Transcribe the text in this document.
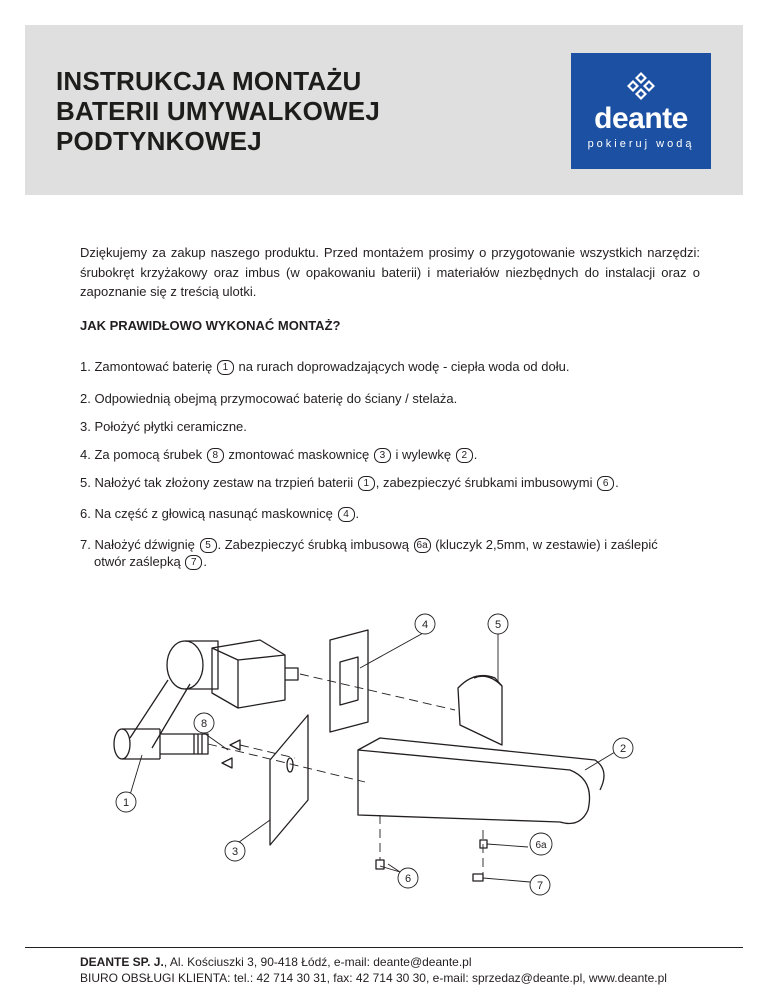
INSTRUKCJA MONTAŻU
BATERII UMYWALKOWEJ
PODTYNKOWEJ
deante
pokieruj wodą

Dziękujemy za zakup naszego produktu. Przed montażem prosimy o przygotowanie wszystkich narzędzi: śrubokręt krzyżakowy oraz imbus (w opakowaniu baterii) i materiałów niezbędnych do instalacji oraz o zapoznanie się z treścią ulotki.

JAK PRAWIDŁOWO WYKONAĆ MONTAŻ?
1. Zamontować baterię 1 na rurach doprowadzających wodę - ciepła woda od dołu.
2. Odpowiednią obejmą przymocować baterię do ściany / stelaża.
3. Położyć płytki ceramiczne.
4. Za pomocą śrubek 8 zmontować maskownicę 3 i wylewkę 2 .
5. Nałożyć tak złożony zestaw na trzpień baterii 1 , zabezpieczyć śrubkami imbusowymi 6 .
6. Na część z głowicą nasunąć maskownicę 4 .
7. Nałożyć dźwignię 5 . Zabezpieczyć śrubką imbusową 6a (kluczyk 2,5mm, w zestawie) i zaślepić
otwór zaślepką 7 .
4	5
8
2
1
3
6a
6
7
DEANTE SP. J., Al. Kościuszki 3, 90-418 Łódź, e-mail: deante@deante.pl
BIURO OBSŁUGI KLIENTA: tel.: 42 714 30 31, fax: 42 714 30 30, e-mail: sprzedaz@deante.pl, www.deante.pl
